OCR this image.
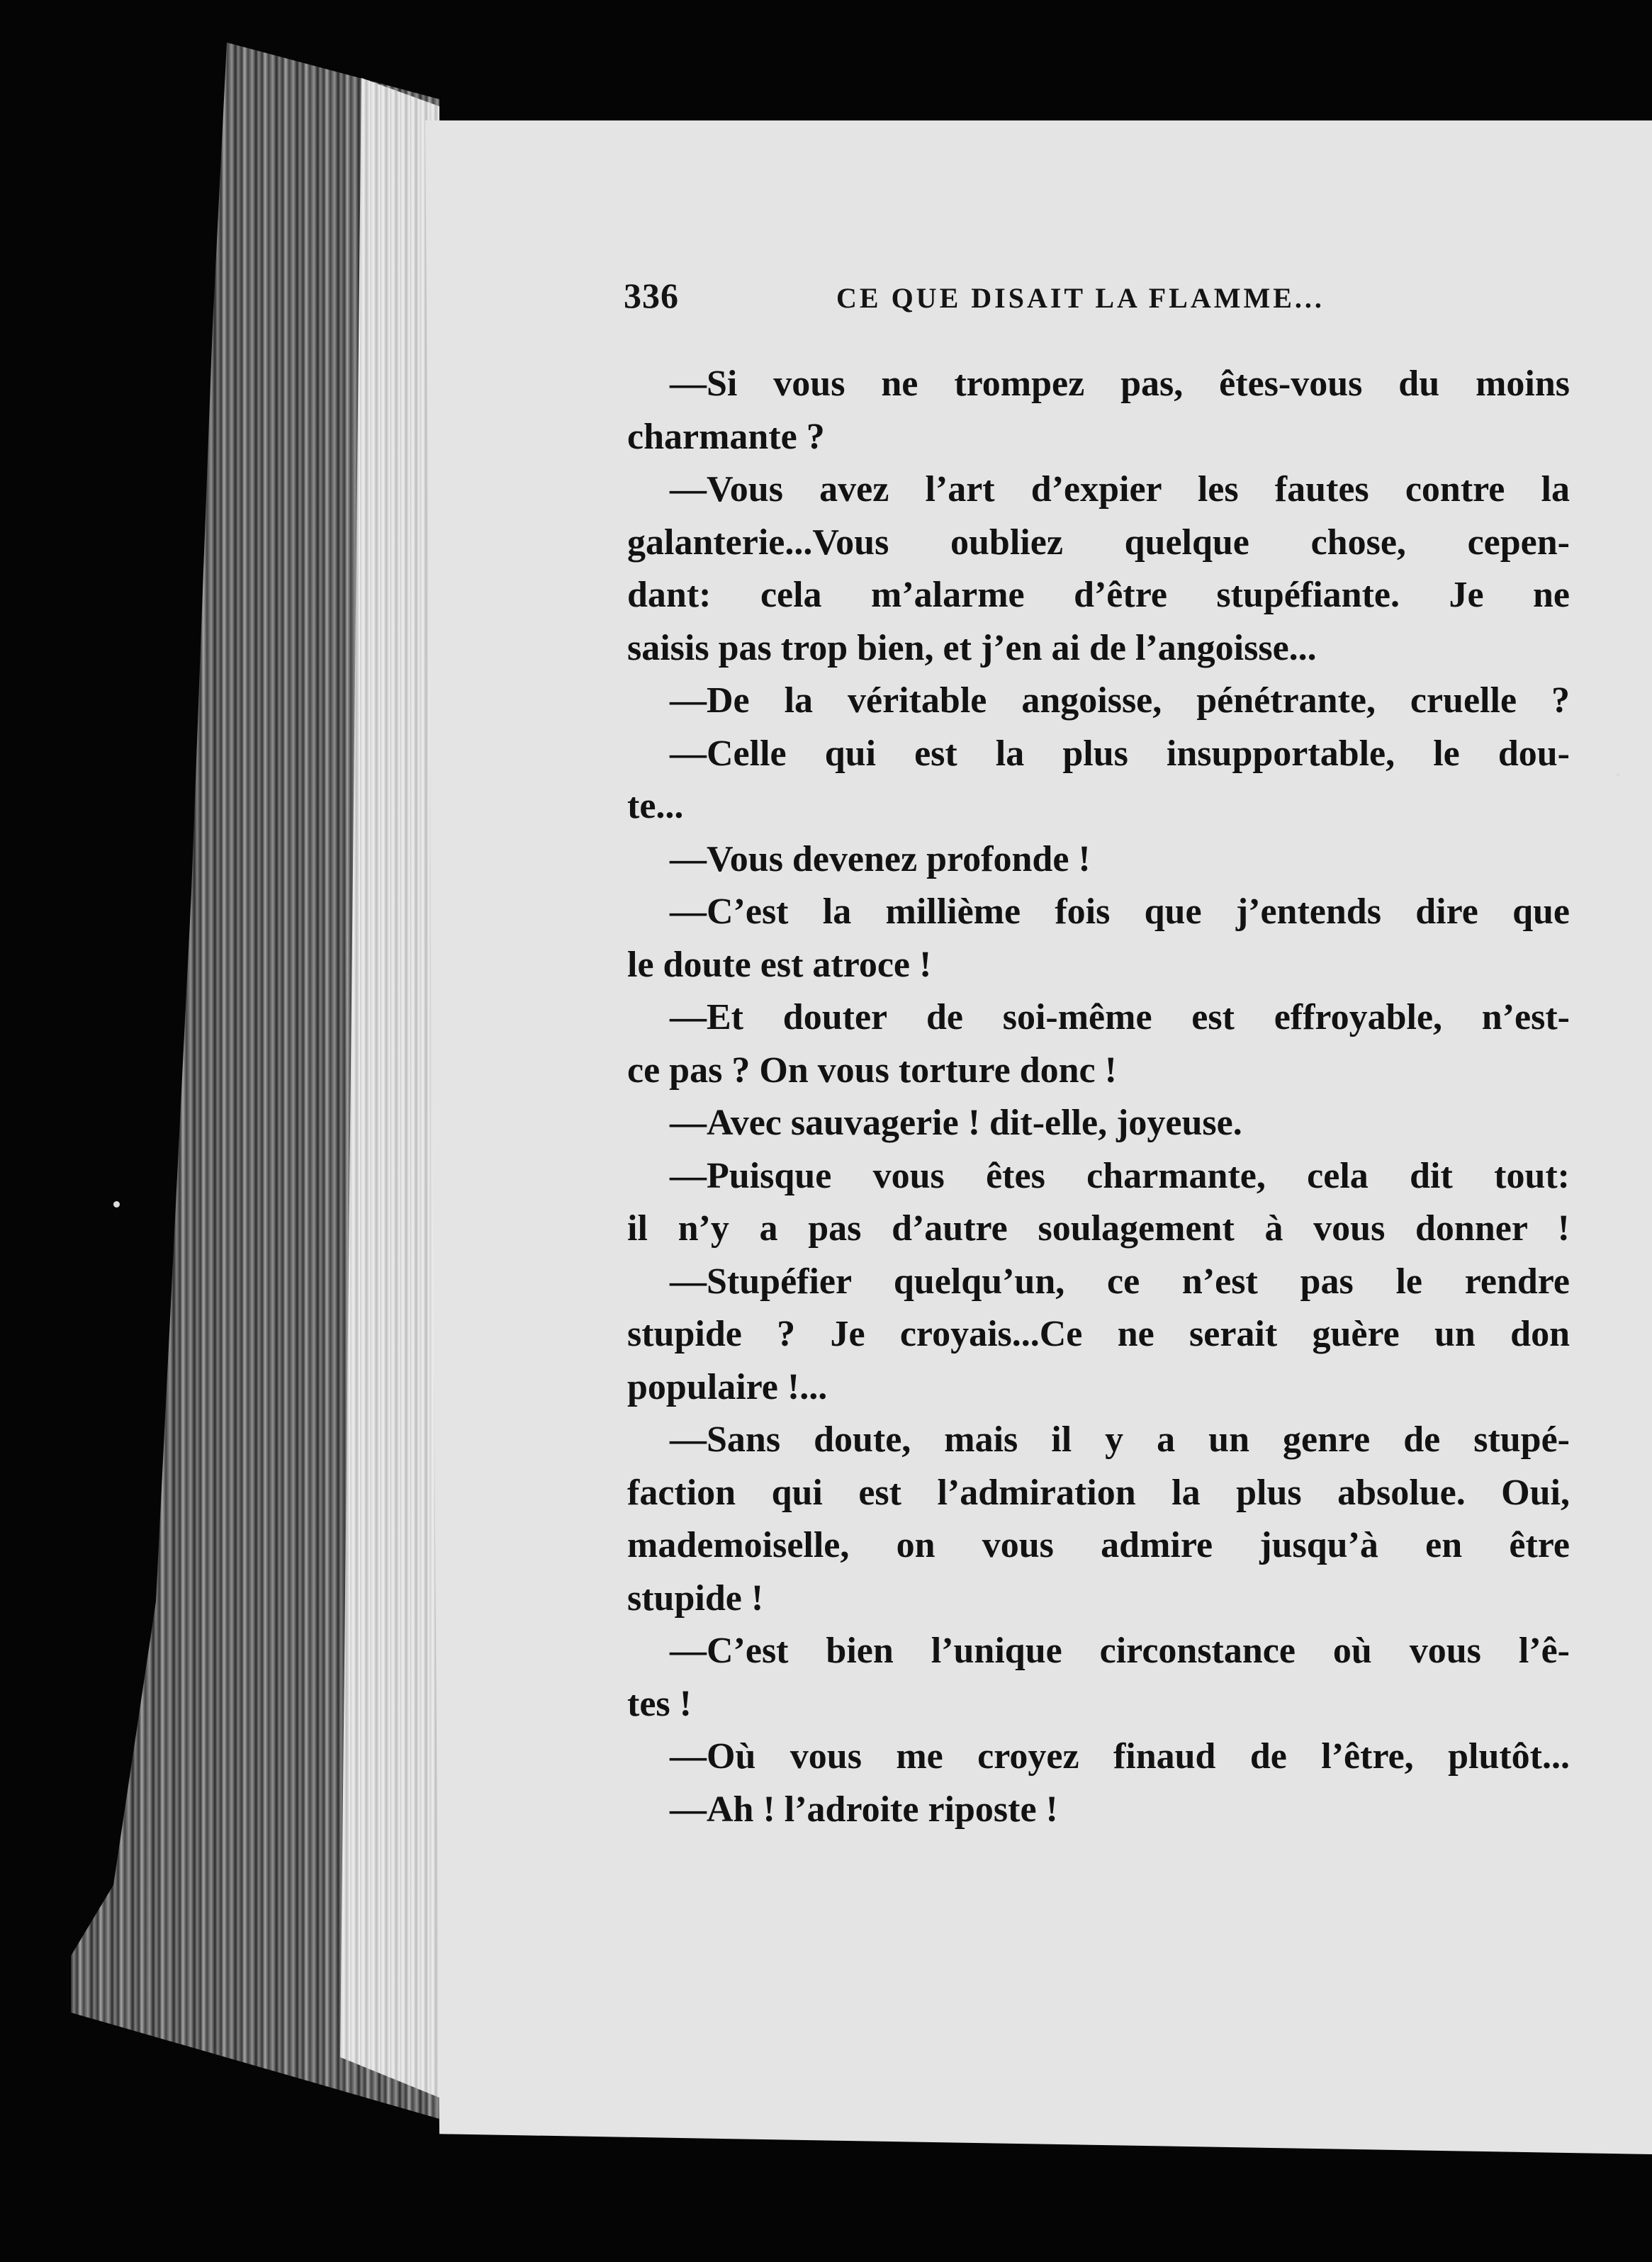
336	CE QUE DISAIT LA FLAMME...
—Si vous ne trompez pas, êtes-vous du moins
charmante ?
—Vous avez l’art d’expier les fautes contre la
galanterie...Vous oubliez quelque chose, cepen-
dant: cela m’alarme d’être stupéfiante. Je ne
saisis pas trop bien, et j’en ai de l’angoisse...
—De la véritable angoisse, pénétrante, cruelle ?
—Celle qui est la plus insupportable, le dou-
te...
—Vous devenez profonde !
—C’est la millième fois que j’entends dire que
le doute est atroce !
—Et douter de soi-même est effroyable, n’est-
ce pas ? On vous torture donc !
—Avec sauvagerie ! dit-elle, joyeuse.
—Puisque vous êtes charmante, cela dit tout:
il n’y a pas d’autre soulagement à vous donner !
—Stupéfier quelqu’un, ce n’est pas le rendre
stupide ? Je croyais...Ce ne serait guère un don
populaire !...
—Sans doute, mais il y a un genre de stupé-
faction qui est l’admiration la plus absolue. Oui,
mademoiselle, on vous admire jusqu’à en être
stupide !
—C’est bien l’unique circonstance où vous l’ê-
tes !
—Où vous me croyez finaud de l’être, plutôt...
—Ah ! l’adroite riposte !
